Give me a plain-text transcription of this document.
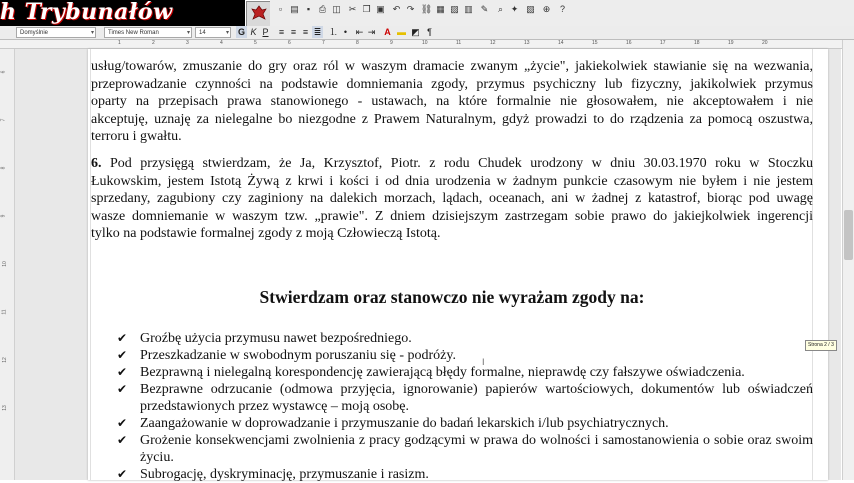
h Trybunałów	▫ ▤ ▪ ⎙ ◫ ✂ ❐ ▣ ↶ ↷ ⛓ ▦ ▨ ▥ ✎	⌕ ✦ ▧ ⊕	?
Domyślnie	▾	Times New Roman	▾	14	▾ G K P	≡ ≡ ≡ ≣ ⒈ • ⇤ ⇥ A ▬ ◩ ¶
1	2	3	4	5	6	7	8	9	10	11	12	13	14	15	16	17	18	19	20
6
7
8
9
10
11
12
13

usług/towarów, zmuszanie do gry oraz ról w waszym dramacie zwanym „życie", jakiekolwiek stawianie się na wezwania,
przeprowadzanie czynności na podstawie domniemania zgody, przymus psychiczny lub fizyczny, jakikolwiek przymus
oparty na przepisach prawa stanowionego - ustawach, na które formalnie nie głosowałem, nie akceptowałem i nie
akceptuję, uznaję za nielegalne bo niezgodne z Prawem Naturalnym, gdyż prowadzi to do rządzenia za pomocą oszustwa,
terroru i gwałtu.

6. Pod przysięgą stwierdzam, że Ja, Krzysztof, Piotr. z rodu Chudek urodzony w dniu 30.03.1970 roku w Stoczku
Łukowskim, jestem Istotą Żywą z krwi i kości i od dnia urodzenia w żadnym punkcie czasowym nie byłem i nie jestem
sprzedany, zagubiony czy zaginiony na dalekich morzach, lądach, oceanach, ani w żadnej z katastrof, biorąc pod uwagę
wasze domniemanie w waszym tzw. „prawie". Z dniem dzisiejszym zastrzegam sobie prawo do jakiejkolwiek ingerencji
tylko na podstawie formalnej zgody z moją Człowieczą Istotą.

Stwierdzam oraz stanowczo nie wyrażam zgody na:
✔ Groźbę użycia przymusu nawet bezpośredniego.
✔ Przeszkadzanie w swobodnym poruszaniu się - podróży.
✔ Bezprawną i nielegalną korespondencję zawierającą błędy formalne, nieprawdę czy fałszywe oświadczenia.
✔ Bezprawne odrzucanie (odmowa przyjęcia, ignorowanie) papierów wartościowych, dokumentów lub oświadczeń przedstawionych przez wystawcę – moją osobę.
✔ Zaangażowanie w doprowadzanie i przymuszanie do badań lekarskich i/lub psychiatrycznych.
✔ Grożenie konsekwencjami zwolnienia z pracy godzącymi w prawa do wolności i samostanowienia o sobie oraz swoim życiu.
✔ Subrogację, dyskryminację, przymuszanie i rasizm.
I
Strona 2 / 3
